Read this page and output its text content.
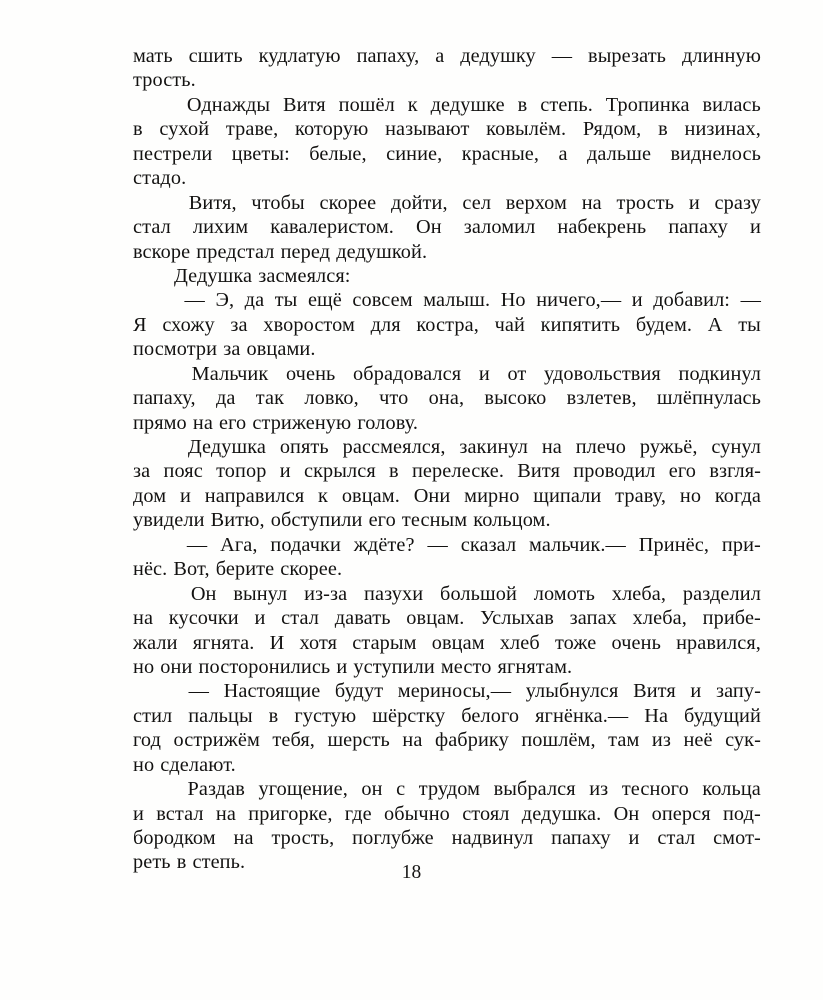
мать сшить кудлатую папаху, а дедушку — вырезать длинную
трость.
Однажды Витя пошёл к дедушке в степь. Тропинка вилась
в сухой траве, которую называют ковылём. Рядом, в низинах,
пестрели цветы: белые, синие, красные, а дальше виднелось
стадо.
Витя, чтобы скорее дойти, сел верхом на трость и сразу
стал лихим кавалеристом. Он заломил набекрень папаху и
вскоре предстал перед дедушкой.
Дедушка засмеялся:
— Э, да ты ещё совсем малыш. Но ничего,— и добавил: —
Я схожу за хворостом для костра, чай кипятить будем. А ты
посмотри за овцами.
Мальчик очень обрадовался и от удовольствия подкинул
папаху, да так ловко, что она, высоко взлетев, шлёпнулась
прямо на его стриженую голову.
Дедушка опять рассмеялся, закинул на плечо ружьё, сунул
за пояс топор и скрылся в перелеске. Витя проводил его взгля-
дом и направился к овцам. Они мирно щипали траву, но когда
увидели Витю, обступили его тесным кольцом.
— Ага, подачки ждёте? — сказал мальчик.— Принёс, при-
нёс. Вот, берите скорее.
Он вынул из-за пазухи большой ломоть хлеба, разделил
на кусочки и стал давать овцам. Услыхав запах хлеба, прибе-
жали ягнята. И хотя старым овцам хлеб тоже очень нравился,
но они посторонились и уступили место ягнятам.
— Настоящие будут мериносы,— улыбнулся Витя и запу-
стил пальцы в густую шёрстку белого ягнёнка.— На будущий
год острижём тебя, шерсть на фабрику пошлём, там из неё сук-
но сделают.
Раздав угощение, он с трудом выбрался из тесного кольца
и встал на пригорке, где обычно стоял дедушка. Он оперся под-
бородком на трость, поглубже надвинул папаху и стал смот-
реть в степь.	18
